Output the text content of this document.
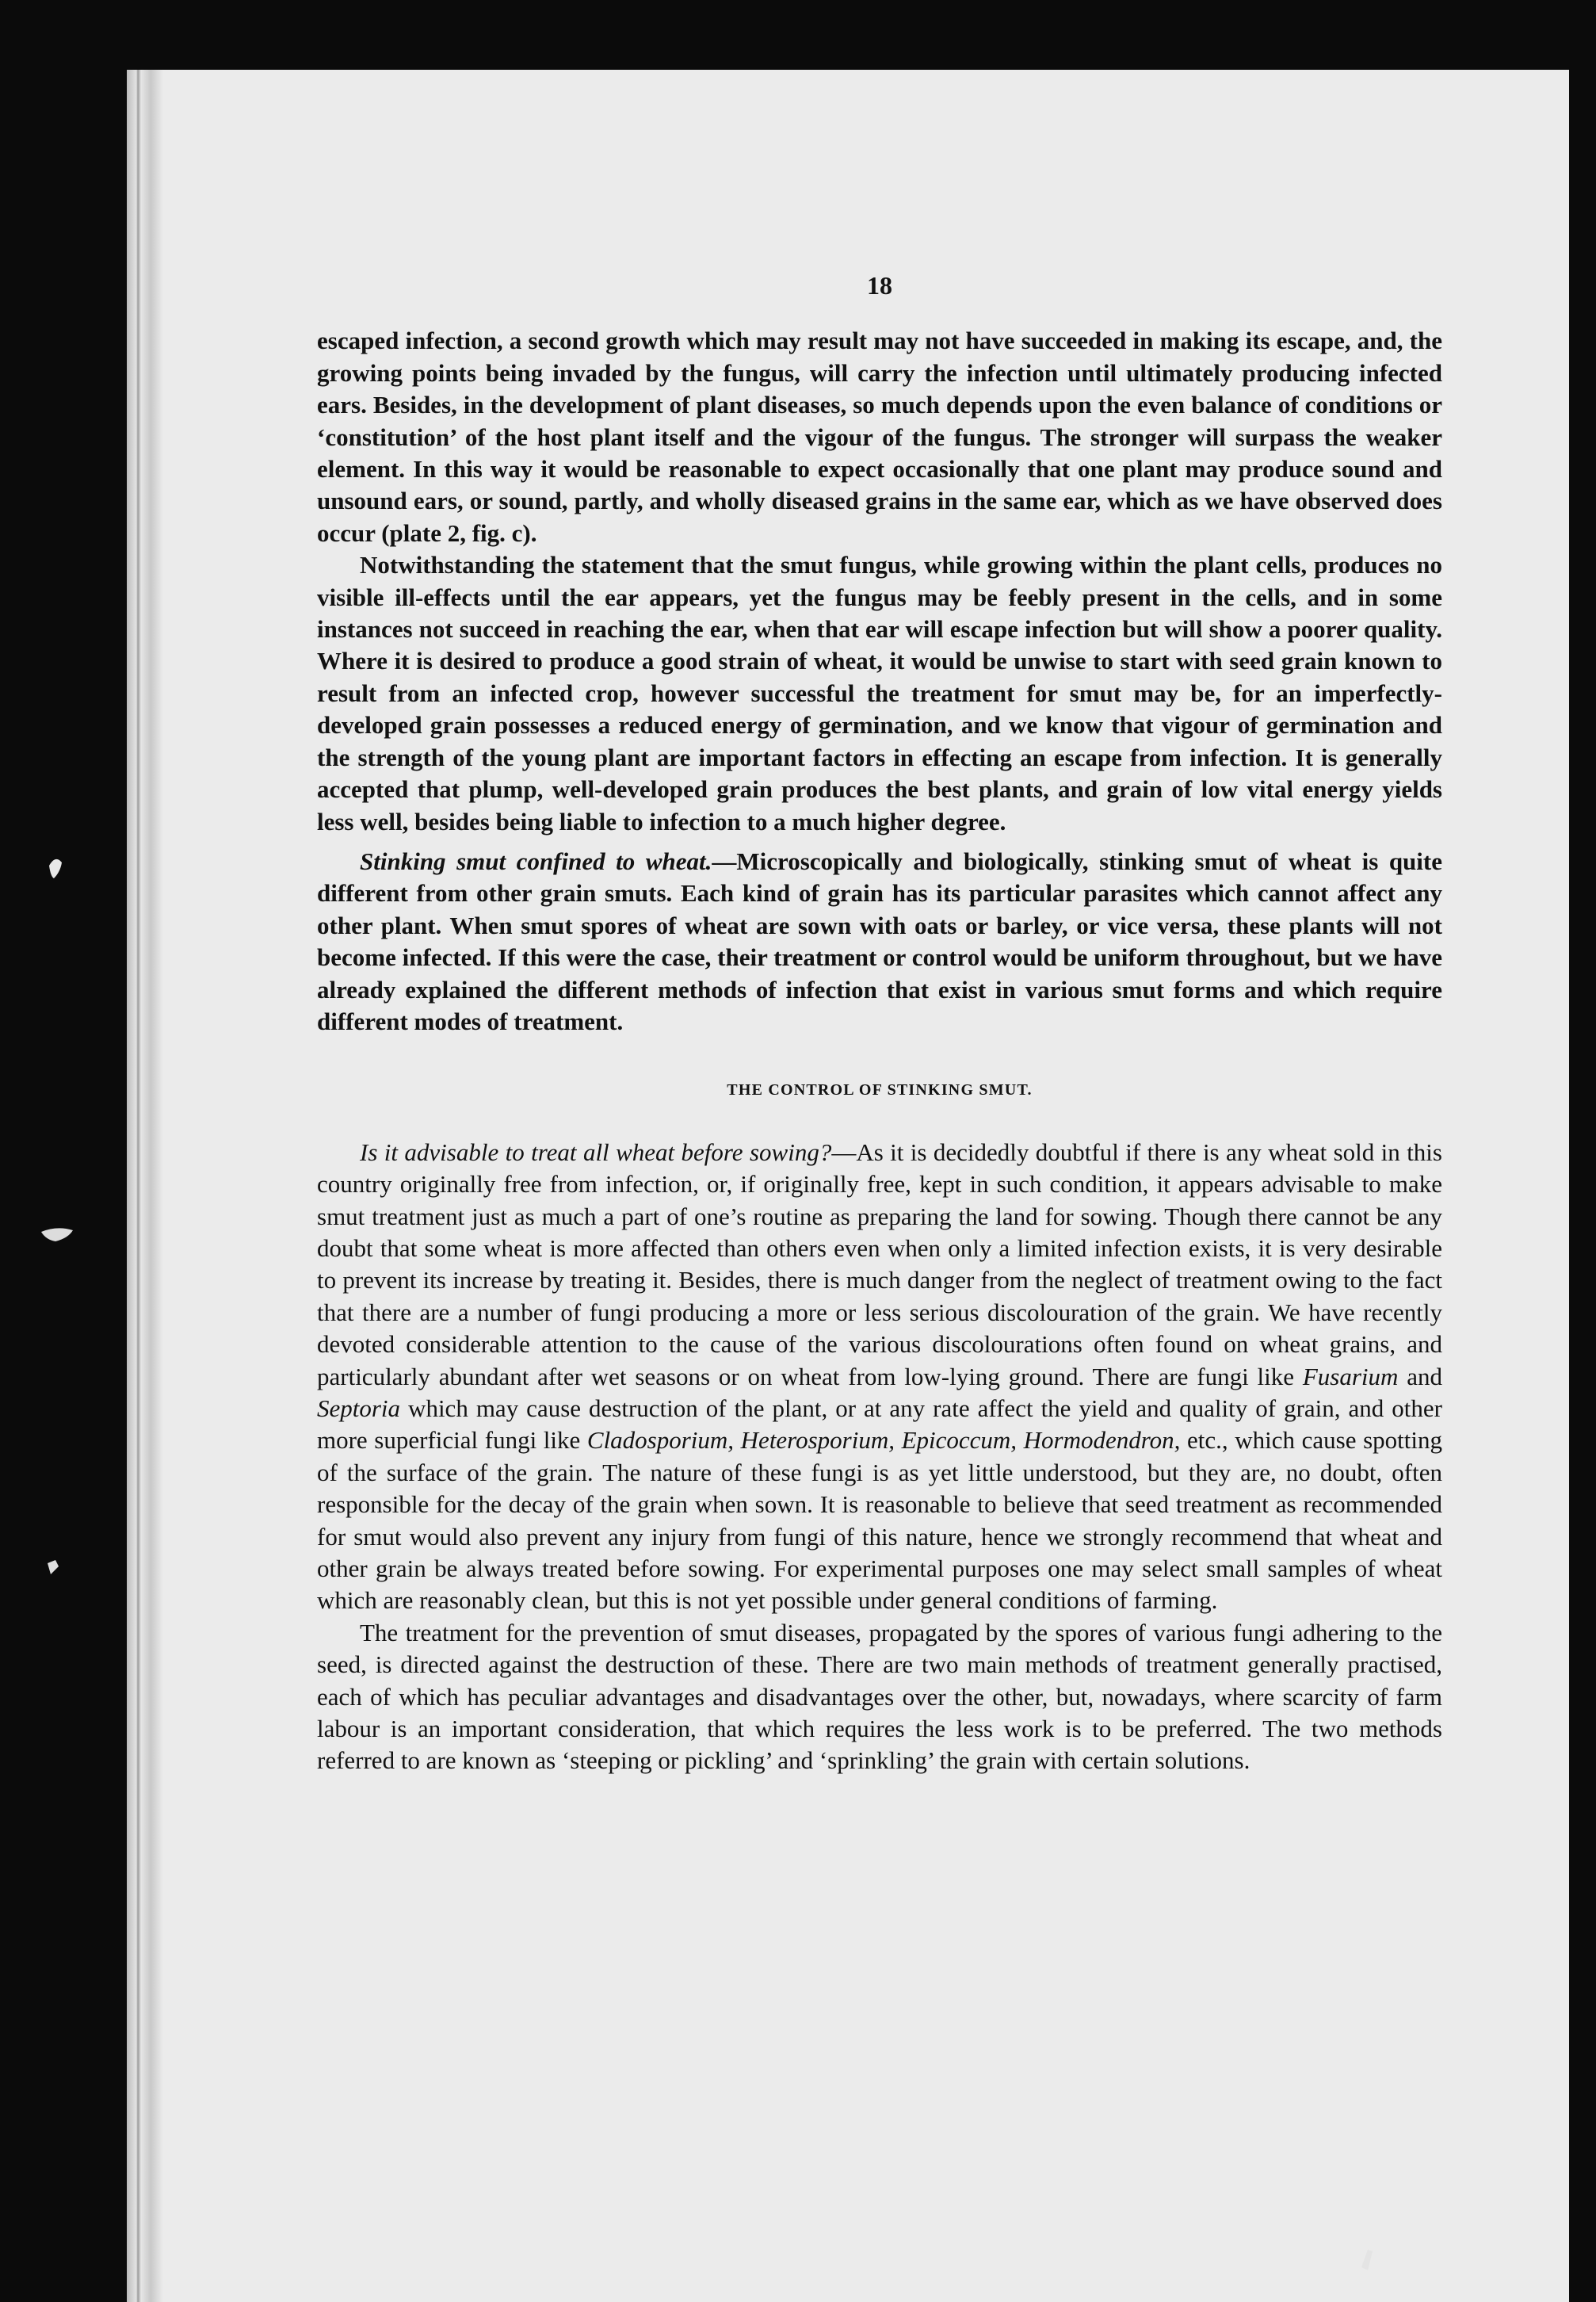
18

escaped infection, a second growth which may result may not have succeeded in making its escape, and, the growing points being invaded by the fungus, will carry the infection until ultimately producing infected ears. Besides, in the development of plant diseases, so much depends upon the even balance of conditions or ‘constitution’ of the host plant itself and the vigour of the fungus. The stronger will surpass the weaker element. In this way it would be reasonable to expect occasionally that one plant may produce sound and unsound ears, or sound, partly, and wholly diseased grains in the same ear, which as we have observed does occur (plate 2, fig. c).

Notwithstanding the statement that the smut fungus, while growing within the plant cells, produces no visible ill-effects until the ear appears, yet the fungus may be feebly present in the cells, and in some instances not succeed in reaching the ear, when that ear will escape infection but will show a poorer quality. Where it is desired to produce a good strain of wheat, it would be unwise to start with seed grain known to result from an infected crop, however successful the treatment for smut may be, for an imperfectly-developed grain possesses a reduced energy of germination, and we know that vigour of germination and the strength of the young plant are important factors in effecting an escape from infection. It is generally accepted that plump, well-developed grain produces the best plants, and grain of low vital energy yields less well, besides being liable to infection to a much higher degree.

Stinking smut confined to wheat.—Microscopically and biologically, stinking smut of wheat is quite different from other grain smuts. Each kind of grain has its particular parasites which cannot affect any other plant. When smut spores of wheat are sown with oats or barley, or vice versa, these plants will not become infected. If this were the case, their treatment or control would be uniform throughout, but we have already explained the different methods of infection that exist in various smut forms and which require different modes of treatment.

THE CONTROL OF STINKING SMUT.

Is it advisable to treat all wheat before sowing?—As it is decidedly doubtful if there is any wheat sold in this country originally free from infection, or, if originally free, kept in such condition, it appears advisable to make smut treatment just as much a part of one’s routine as preparing the land for sowing. Though there cannot be any doubt that some wheat is more affected than others even when only a limited infection exists, it is very desirable to prevent its increase by treating it. Besides, there is much danger from the neglect of treatment owing to the fact that there are a number of fungi producing a more or less serious discolouration of the grain. We have recently devoted considerable attention to the cause of the various discolourations often found on wheat grains, and particularly abundant after wet seasons or on wheat from low-lying ground. There are fungi like Fusarium and Septoria which may cause destruction of the plant, or at any rate affect the yield and quality of grain, and other more superficial fungi like Cladosporium, Heterosporium, Epicoccum, Hormodendron, etc., which cause spotting of the surface of the grain. The nature of these fungi is as yet little understood, but they are, no doubt, often responsible for the decay of the grain when sown. It is reasonable to believe that seed treatment as recommended for smut would also prevent any injury from fungi of this nature, hence we strongly recommend that wheat and other grain be always treated before sowing. For experimental purposes one may select small samples of wheat which are reasonably clean, but this is not yet possible under general conditions of farming.

The treatment for the prevention of smut diseases, propagated by the spores of various fungi adhering to the seed, is directed against the destruction of these. There are two main methods of treatment generally practised, each of which has peculiar advantages and disadvantages over the other, but, nowadays, where scarcity of farm labour is an important consideration, that which requires the less work is to be preferred. The two methods referred to are known as ‘steeping or pickling’ and ‘sprinkling’ the grain with certain solutions.
